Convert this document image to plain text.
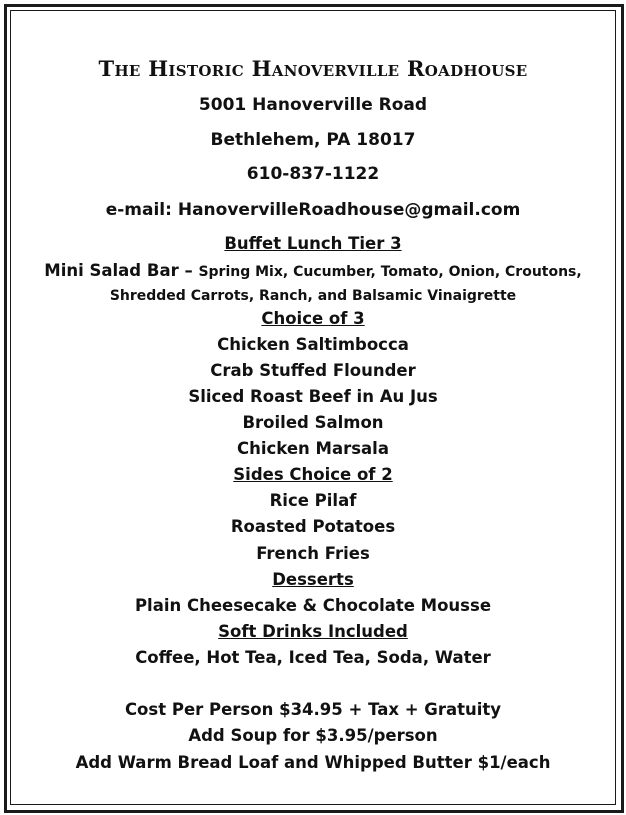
The Historic Hanoverville Roadhouse
5001 Hanoverville Road
Bethlehem, PA 18017
610-837-1122
e-mail: HanovervilleRoadhouse@gmail.com
Buffet Lunch Tier 3
Mini Salad Bar – Spring Mix, Cucumber, Tomato, Onion, Croutons,
Shredded Carrots, Ranch, and Balsamic Vinaigrette
Choice of 3
Chicken Saltimbocca
Crab Stuffed Flounder
Sliced Roast Beef in Au Jus
Broiled Salmon
Chicken Marsala
Sides Choice of 2
Rice Pilaf
Roasted Potatoes
French Fries
Desserts
Plain Cheesecake & Chocolate Mousse
Soft Drinks Included
Coffee, Hot Tea, Iced Tea, Soda, Water
Cost Per Person $34.95 + Tax + Gratuity
Add Soup for $3.95/person
Add Warm Bread Loaf and Whipped Butter $1/each
